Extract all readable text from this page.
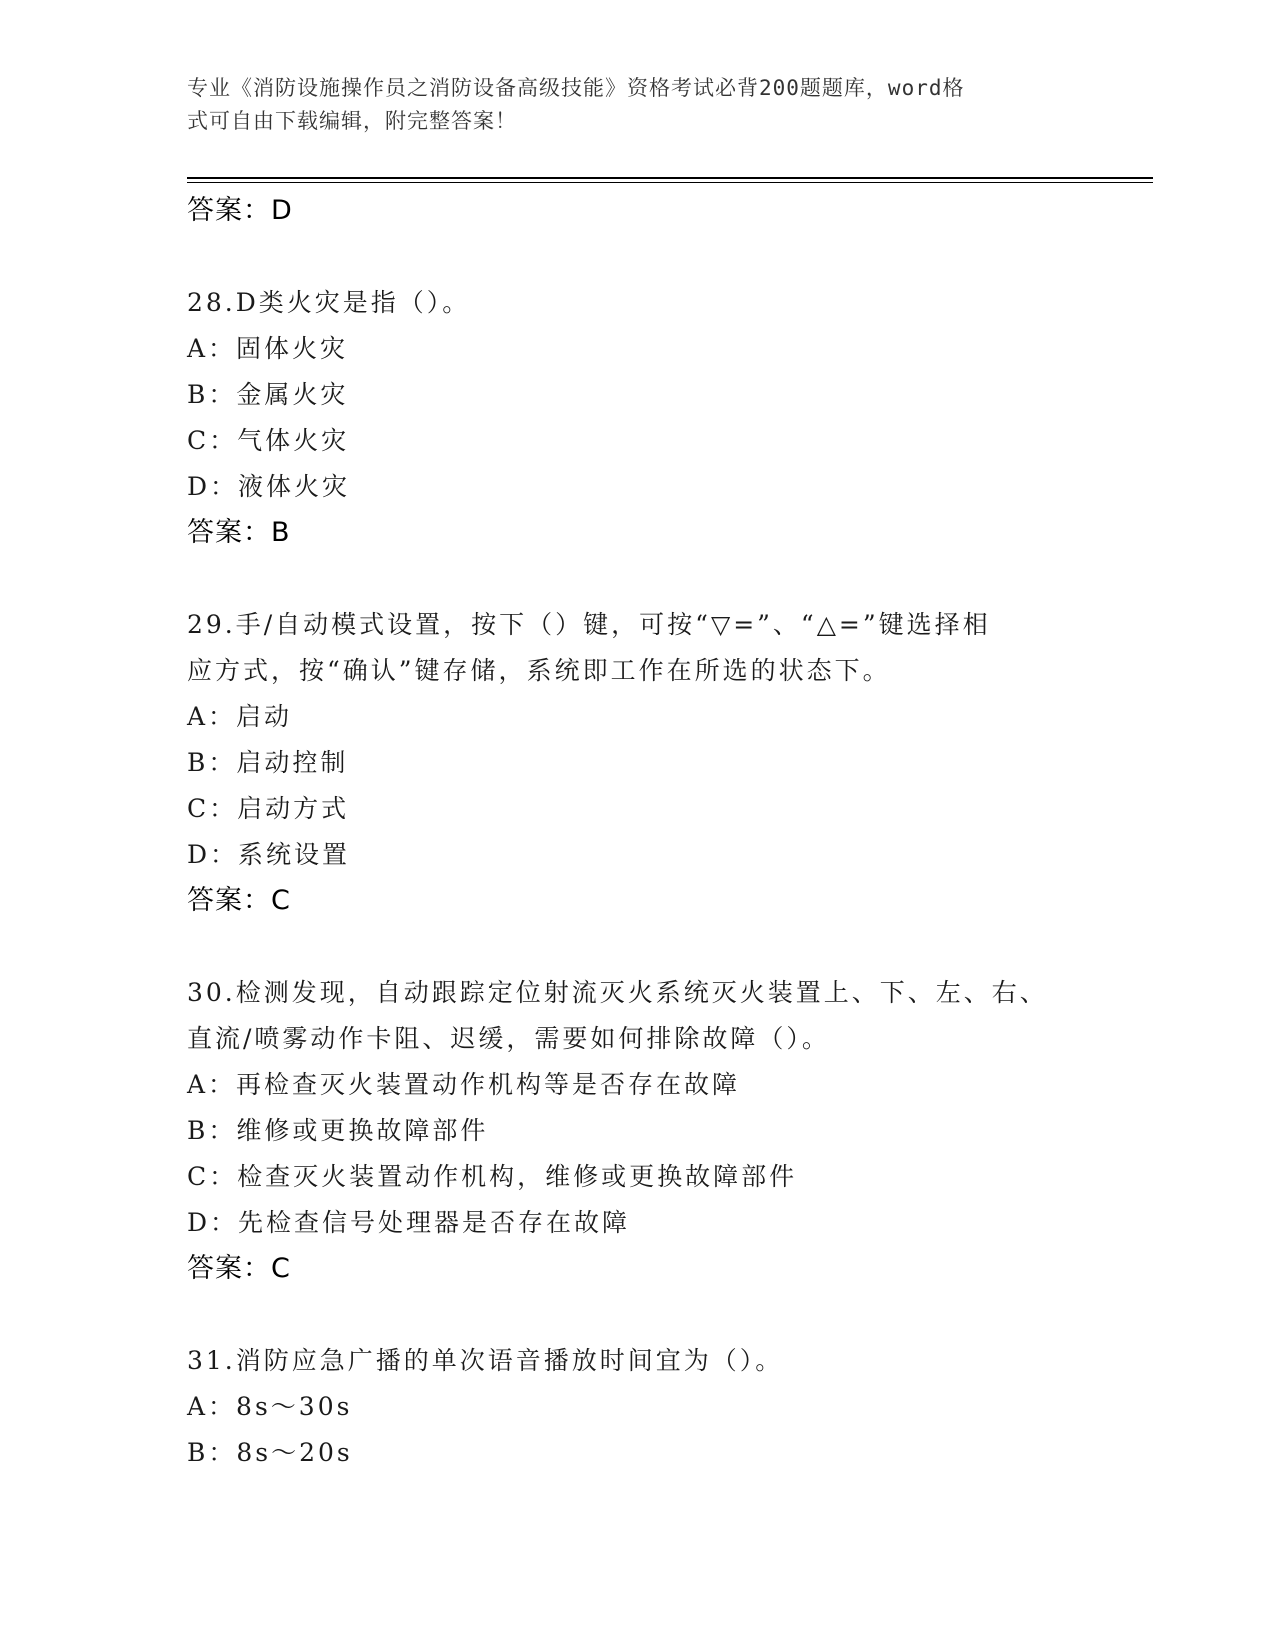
专业《消防设施操作员之消防设备高级技能》资格考试必背200题题库，word格
式可自由下载编辑，附完整答案！
答案：D
28.D类火灾是指（）。
A：固体火灾
B：金属火灾
C：气体火灾
D：液体火灾
答案：B
29.手/自动模式设置，按下（）键，可按“▽=”、“△=”键选择相
应方式，按“确认”键存储，系统即工作在所选的状态下。
A：启动
B：启动控制
C：启动方式
D：系统设置
答案：C
30.检测发现，自动跟踪定位射流灭火系统灭火装置上、下、左、右、
直流/喷雾动作卡阻、迟缓，需要如何排除故障（）。
A：再检查灭火装置动作机构等是否存在故障
B：维修或更换故障部件
C：检查灭火装置动作机构，维修或更换故障部件
D：先检查信号处理器是否存在故障
答案：C
31.消防应急广播的单次语音播放时间宜为（）。
A：8s～30s
B：8s～20s
